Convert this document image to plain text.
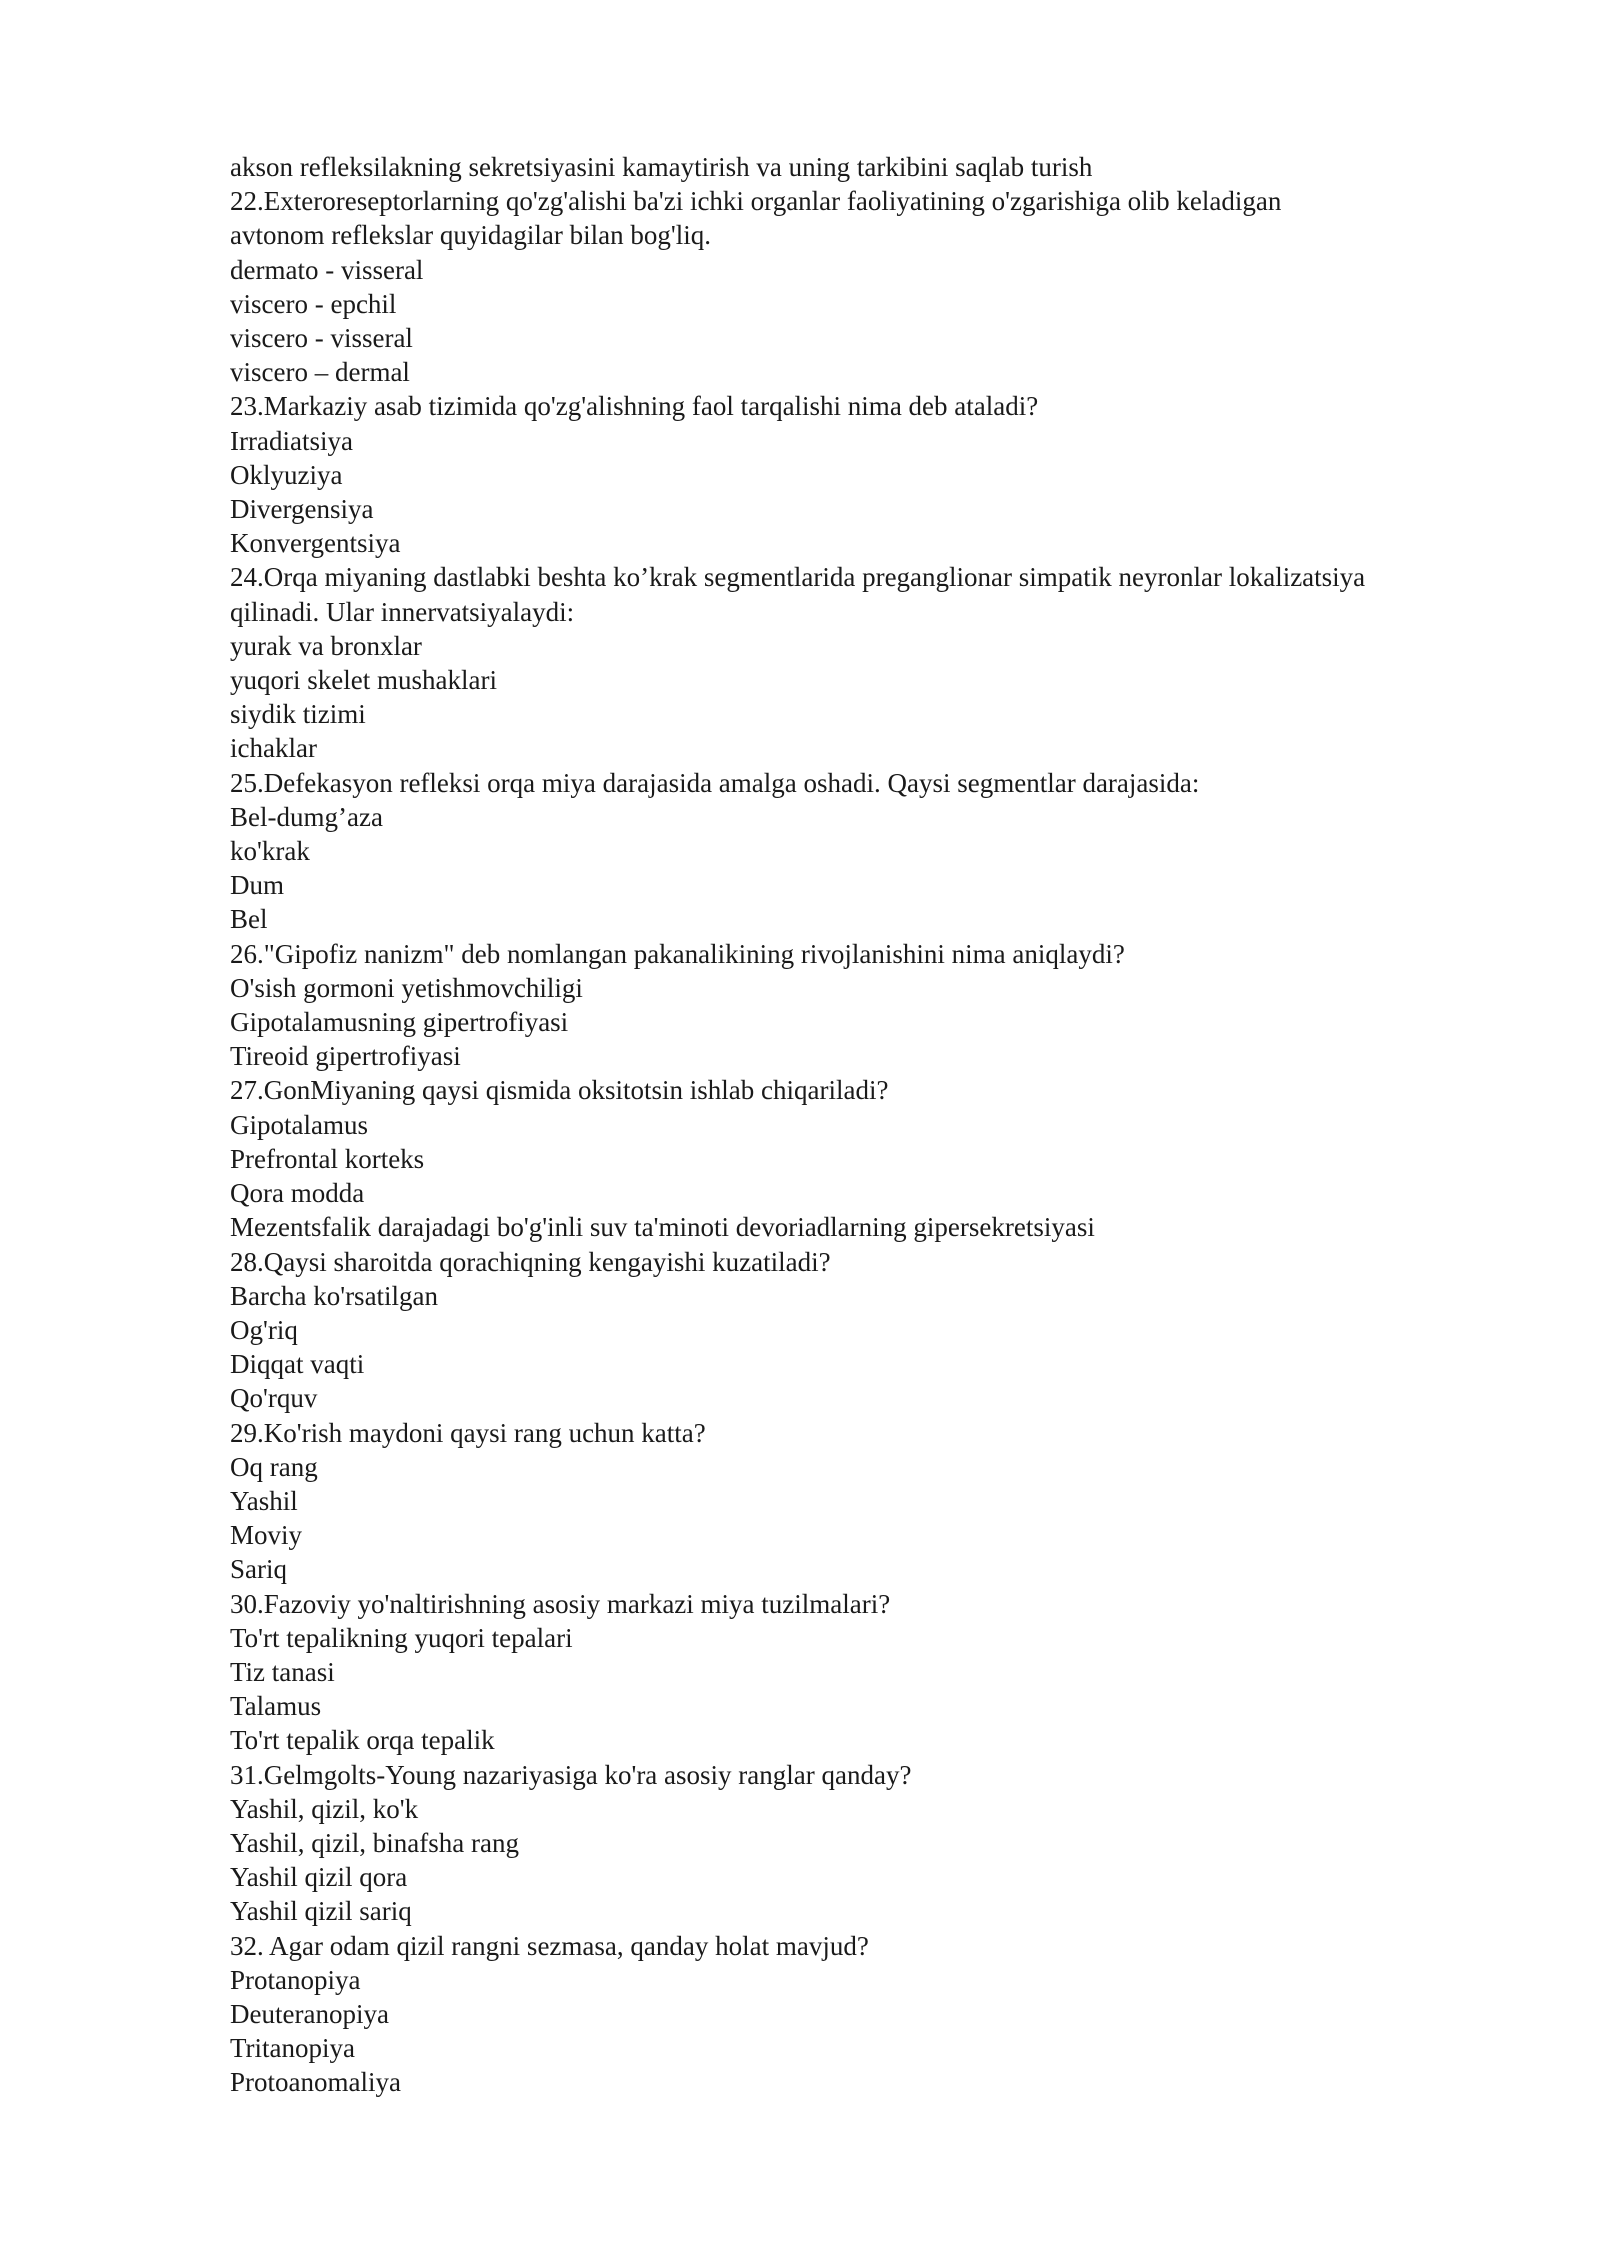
akson refleksilakning sekretsiyasini kamaytirish va uning tarkibini saqlab turish
22.Exteroreseptorlarning qo'zg'alishi ba'zi ichki organlar faoliyatining o'zgarishiga olib keladigan
avtonom reflekslar quyidagilar bilan bog'liq.
dermato - visseral
viscero - epchil
viscero - visseral
viscero – dermal
23.Markaziy asab tizimida qo'zg'alishning faol tarqalishi nima deb ataladi?
Irradiatsiya
Oklyuziya
Divergensiya
Konvergentsiya
24.Orqa miyaning dastlabki beshta ko’krak segmentlarida preganglionar simpatik neyronlar lokalizatsiya
qilinadi. Ular innervatsiyalaydi:
yurak va bronxlar
yuqori skelet mushaklari
siydik tizimi
ichaklar
25.Defekasyon refleksi orqa miya darajasida amalga oshadi. Qaysi segmentlar darajasida:
Bel-dumg’aza
ko'krak
Dum
Bel
26."Gipofiz nanizm" deb nomlangan pakanalikining rivojlanishini nima aniqlaydi?
O'sish gormoni yetishmovchiligi
Gipotalamusning gipertrofiyasi
Tireoid gipertrofiyasi
27.GonMiyaning qaysi qismida oksitotsin ishlab chiqariladi?
Gipotalamus
Prefrontal korteks
Qora modda
Mezentsfalik darajadagi bo'g'inli suv ta'minoti devoriadlarning gipersekretsiyasi
28.Qaysi sharoitda qorachiqning kengayishi kuzatiladi?
Barcha ko'rsatilgan
Og'riq
Diqqat vaqti
Qo'rquv
29.Ko'rish maydoni qaysi rang uchun katta?
Oq rang
Yashil
Moviy
Sariq
30.Fazoviy yo'naltirishning asosiy markazi miya tuzilmalari?
To'rt tepalikning yuqori tepalari
Tiz tanasi
Talamus
To'rt tepalik orqa tepalik
31.Gelmgolts-Young nazariyasiga ko'ra asosiy ranglar qanday?
Yashil, qizil, ko'k
Yashil, qizil, binafsha rang
Yashil qizil qora
Yashil qizil sariq
32. Agar odam qizil rangni sezmasa, qanday holat mavjud?
Protanopiya
Deuteranopiya
Tritanopiya
Protoanomaliya
